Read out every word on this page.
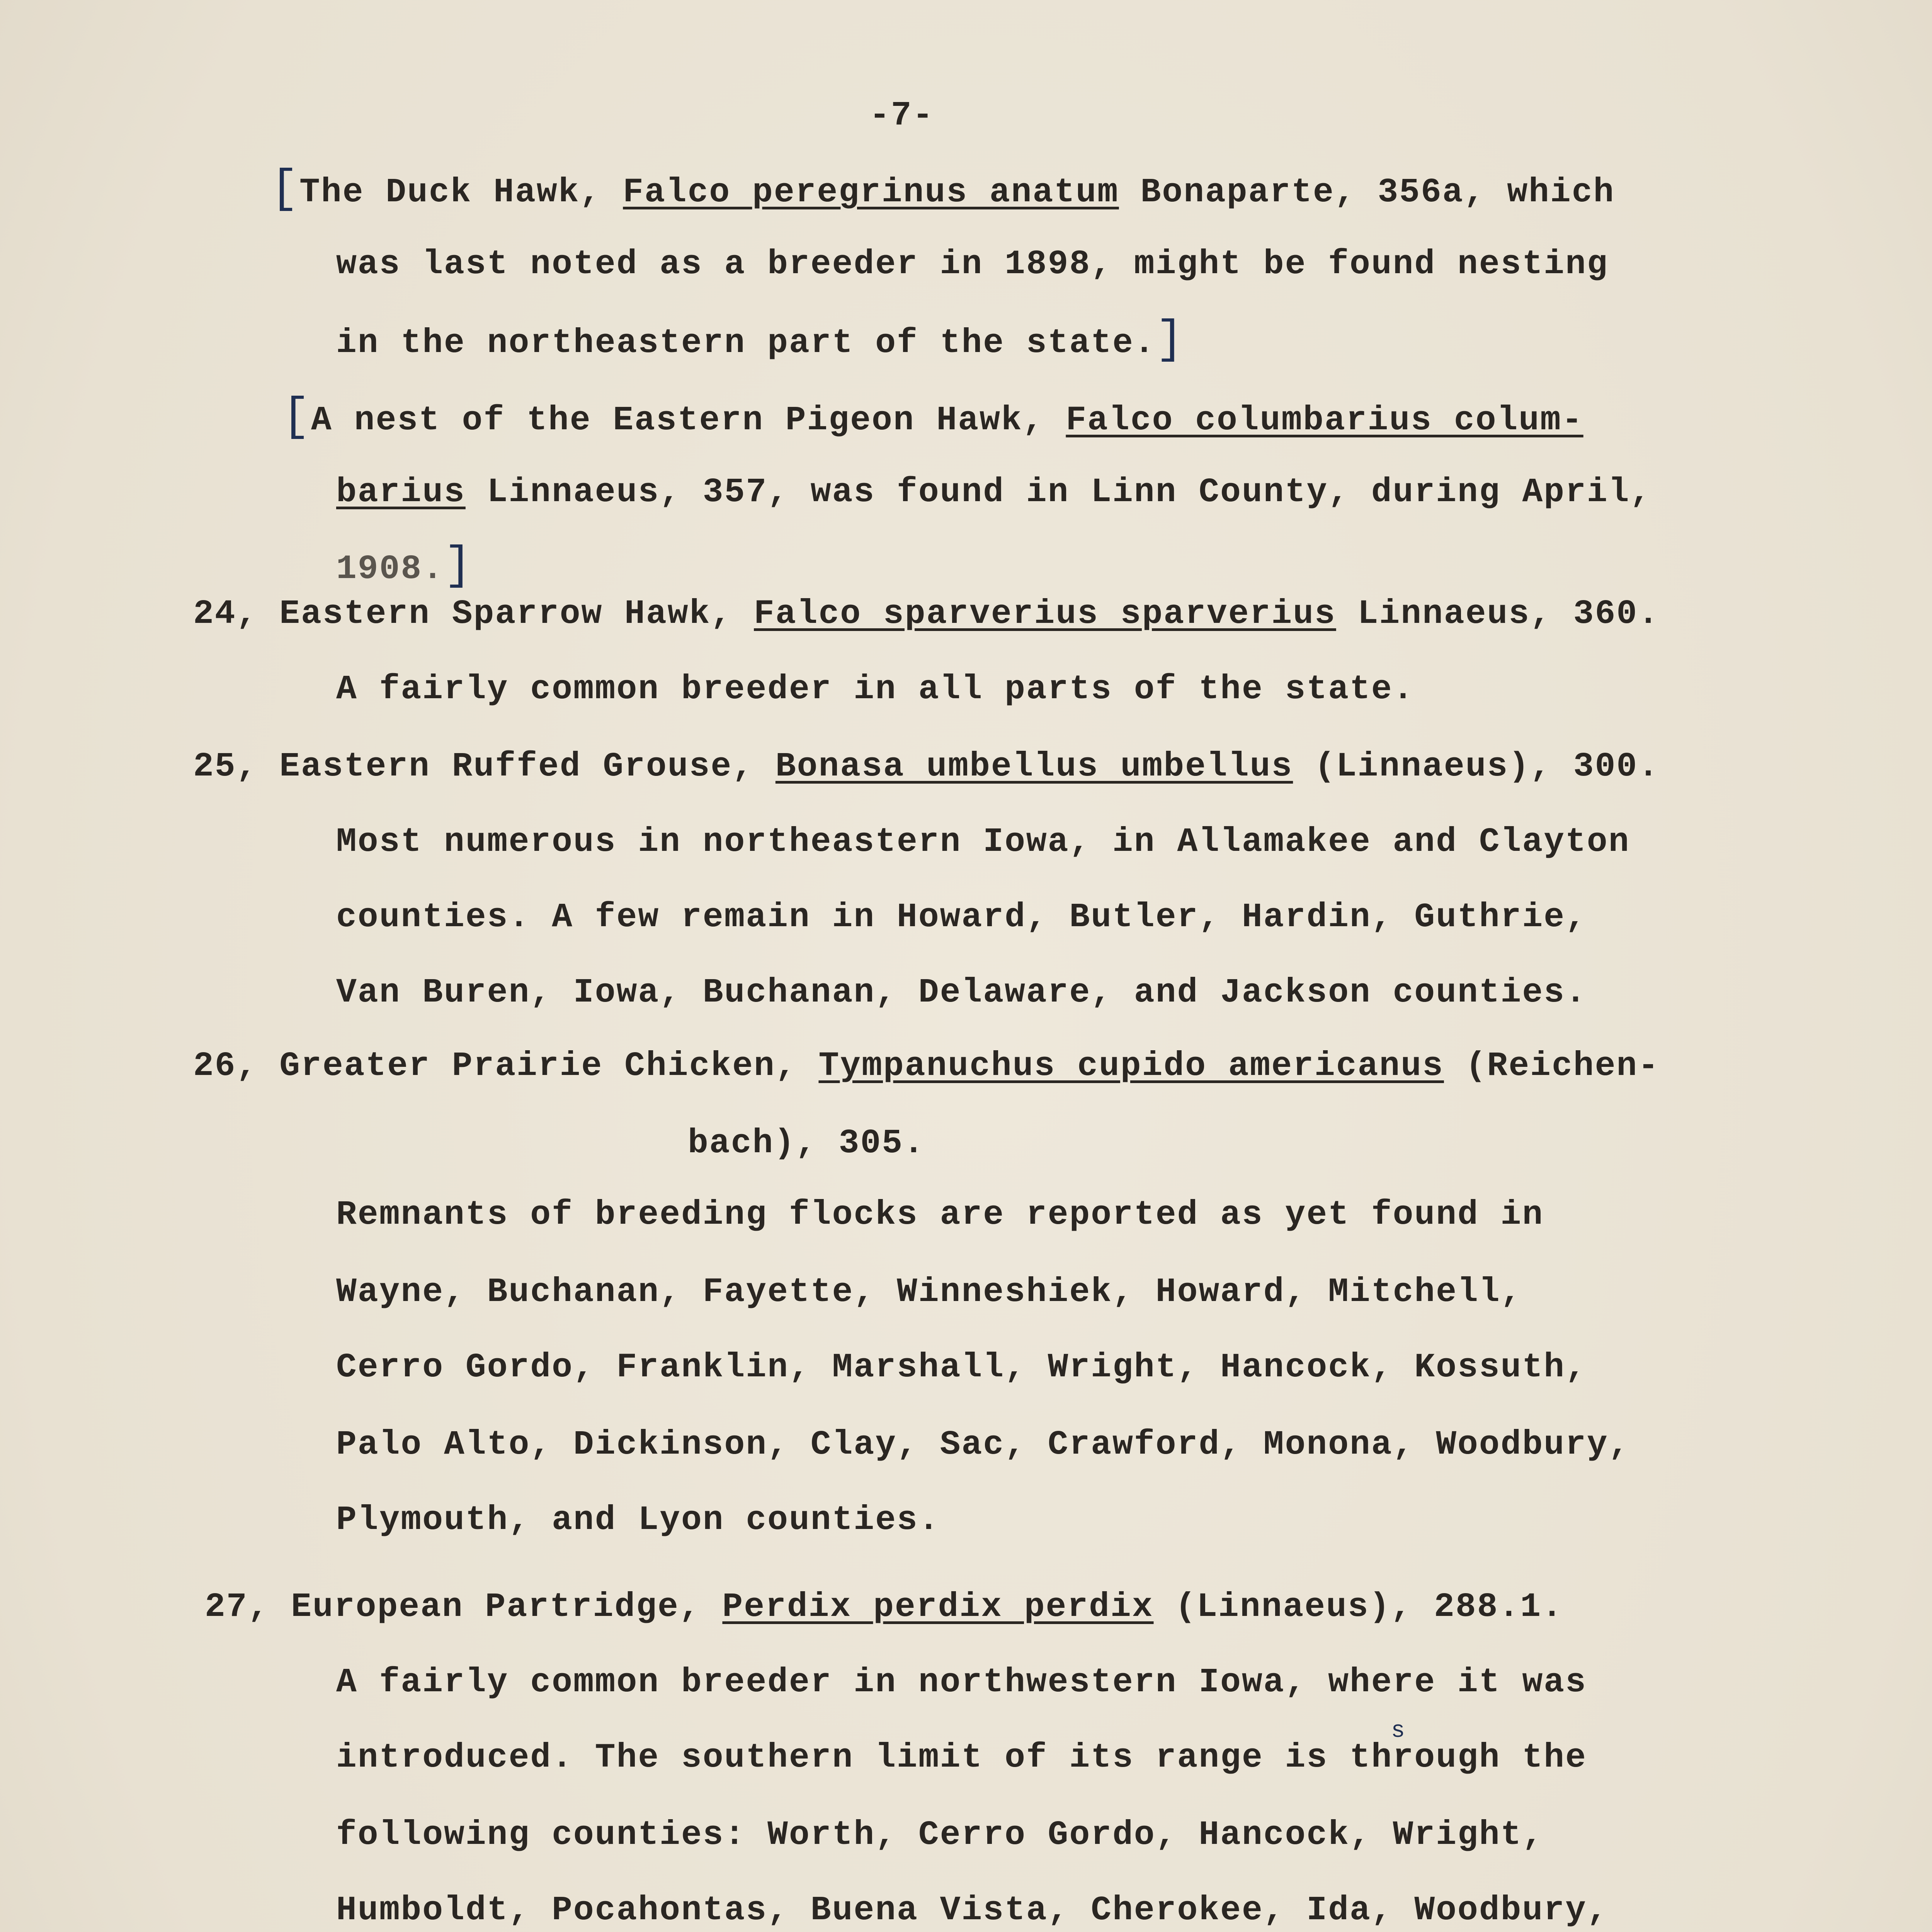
-7-
[The Duck Hawk, Falco peregrinus anatum Bonaparte, 356a, which
was last noted as a breeder in 1898, might be found nesting
in the northeastern part of the state.]
[A nest of the Eastern Pigeon Hawk, Falco columbarius colum-
barius Linnaeus, 357, was found in Linn County, during April,
1908.]
24, Eastern Sparrow Hawk, Falco sparverius sparverius Linnaeus, 360.
A fairly common breeder in all parts of the state.
25, Eastern Ruffed Grouse, Bonasa umbellus umbellus (Linnaeus), 300.
Most numerous in northeastern Iowa, in Allamakee and Clayton
counties. A few remain in Howard, Butler, Hardin, Guthrie,
Van Buren, Iowa, Buchanan, Delaware, and Jackson counties.
26, Greater Prairie Chicken, Tympanuchus cupido americanus (Reichen-
bach), 305.
Remnants of breeding flocks are reported as yet found in
Wayne, Buchanan, Fayette, Winneshiek, Howard, Mitchell,
Cerro Gordo, Franklin, Marshall, Wright, Hancock, Kossuth,
Palo Alto, Dickinson, Clay, Sac, Crawford, Monona, Woodbury,
Plymouth, and Lyon counties.
27, European Partridge, Perdix perdix perdix (Linnaeus), 288.1.
A fairly common breeder in northwestern Iowa, where it was
introduced. The southern limit of its range is through the
s
following counties: Worth, Cerro Gordo, Hancock, Wright,
Humboldt, Pocahontas, Buena Vista, Cherokee, Ida, Woodbury,
